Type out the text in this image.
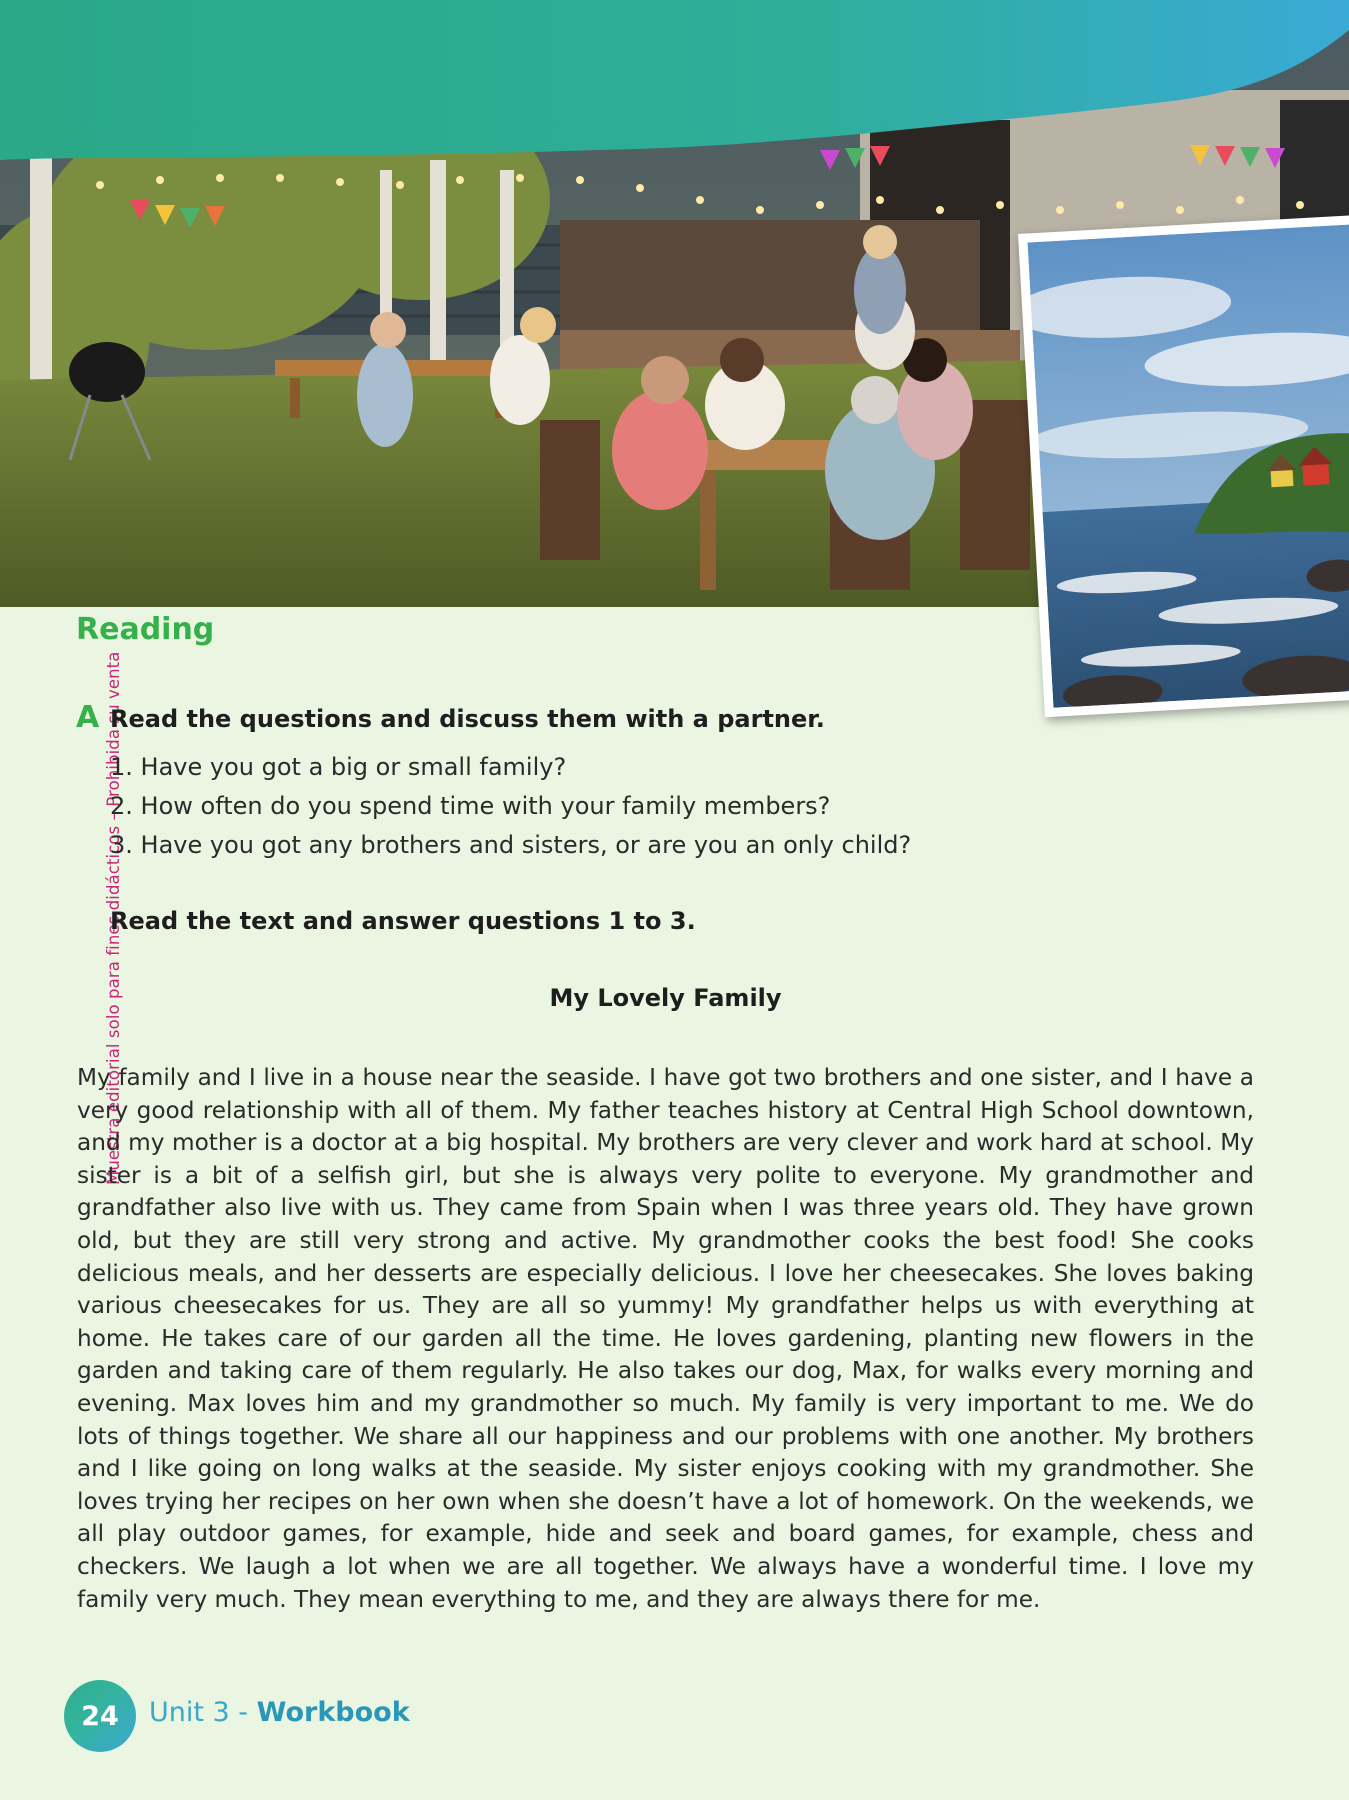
Muestra editorial solo para fines didácticos – Prohibida su venta
Reading
A Read the questions and discuss them with a partner.
1. Have you got a big or small family?
2. How often do you spend time with your family members?
3. Have you got any brothers and sisters, or are you an only child?
Read the text and answer questions 1 to 3.
My Lovely Family

My family and I live in a house near the seaside. I have got two brothers and one sister, and I have a very good relationship with all of them. My father teaches history at Central High School downtown, and my mother is a doctor at a big hospital. My brothers are very clever and work hard at school. My sister is a bit of a selfish girl, but she is always very polite to everyone. My grandmother and grandfather also live with us. They came from Spain when I was three years old. They have grown old, but they are still very strong and active. My grandmother cooks the best food! She cooks delicious meals, and her desserts are especially delicious. I love her cheesecakes. She loves baking various cheesecakes for us. They are all so yummy! My grandfather helps us with everything at home. He takes care of our garden all the time. He loves gardening, planting new flowers in the garden and taking care of them regularly. He also takes our dog, Max, for walks every morning and evening. Max loves him and my grandmother so much. My family is very important to me. We do lots of things together. We share all our happiness and our problems with one another. My brothers and I like going on long walks at the seaside. My sister enjoys cooking with my grandmother. She loves trying her recipes on her own when she doesn’t have a lot of homework. On the weekends, we all play outdoor games, for example, hide and seek and board games, for example, chess and checkers. We laugh a lot when we are all together. We always have a wonderful time. I love my family very much. They mean everything to me, and they are always there for me.

24 Unit 3 - Workbook
